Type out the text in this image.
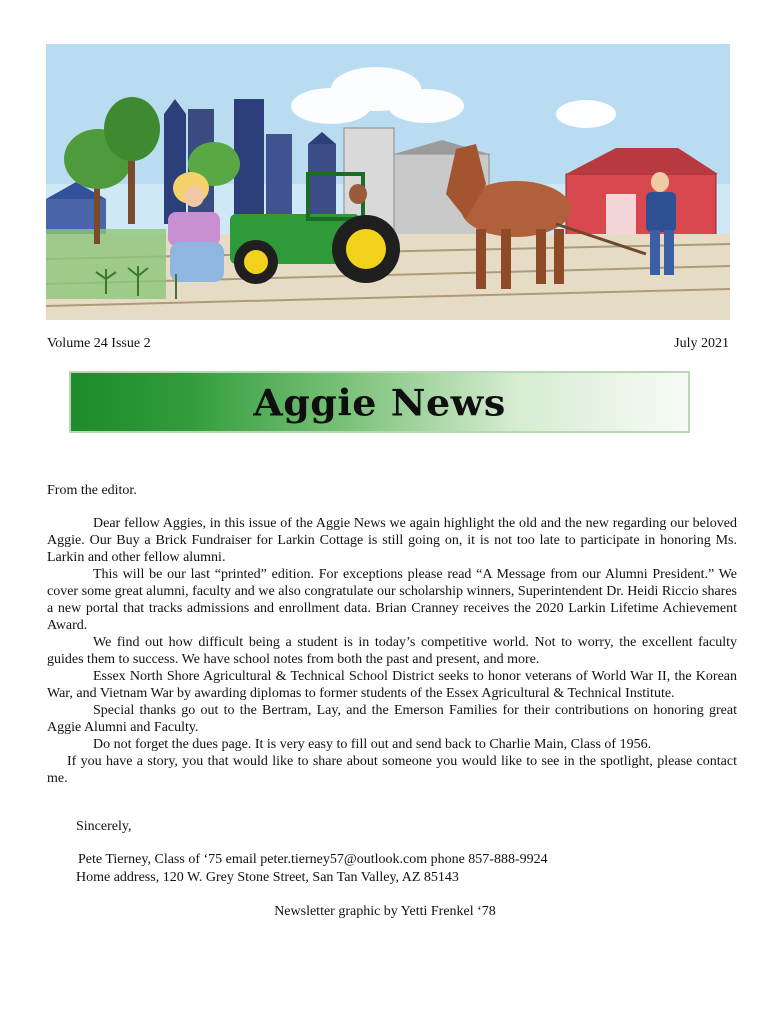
Volume 24 Issue 2	July 2021
Aggie News

From the editor.

Dear fellow Aggies, in this issue of the Aggie News we again highlight the old and the new regarding our beloved Aggie. Our Buy a Brick Fundraiser for Larkin Cottage is still going on, it is not too late to participate in honoring Ms. Larkin and other fellow alumni.

This will be our last “printed” edition. For exceptions please read “A Message from our Alumni President.” We cover some great alumni, faculty and we also congratulate our scholarship winners, Superintendent Dr. Heidi Riccio shares a new portal that tracks admissions and enrollment data. Brian Cranney receives the 2020 Larkin Lifetime Achievement Award.

We find out how difficult being a student is in today’s competitive world. Not to worry, the excellent faculty guides them to success. We have school notes from both the past and present, and more.

Essex North Shore Agricultural & Technical School District seeks to honor veterans of World War II, the Korean War, and Vietnam War by awarding diplomas to former students of the Essex Agricultural & Technical Institute.

Special thanks go out to the Bertram, Lay, and the Emerson Families for their contributions on honoring great Aggie Alumni and Faculty.

Do not forget the dues page. It is very easy to fill out and send back to Charlie Main, Class of 1956.

If you have a story, you that would like to share about someone you would like to see in the spotlight, please contact me.

Sincerely,
Pete Tierney, Class of ‘75 email peter.tierney57@outlook.com phone 857-888-9924
Home address, 120 W. Grey Stone Street, San Tan Valley, AZ 85143
Newsletter graphic by Yetti Frenkel ‘78
